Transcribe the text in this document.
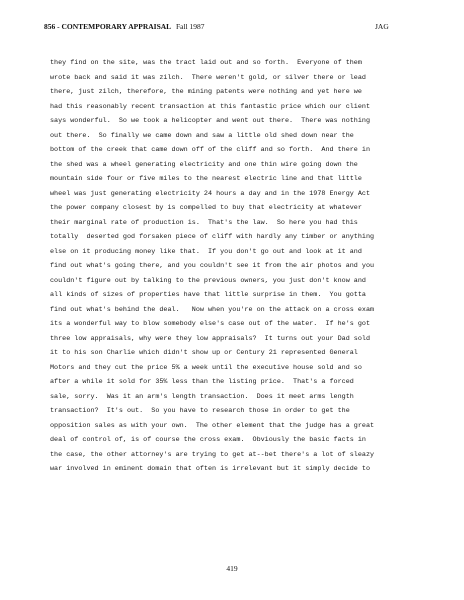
856 - CONTEMPORARY APPRAISAL Fall 1987	JAG
they find on the site, was the tract laid out and so forth.  Everyone of them
wrote back and said it was zilch.  There weren't gold, or silver there or lead
there, just zilch, therefore, the mining patents were nothing and yet here we
had this reasonably recent transaction at this fantastic price which our client
says wonderful.  So we took a helicopter and went out there.  There was nothing
out there.  So finally we came down and saw a little old shed down near the
bottom of the creek that came down off of the cliff and so forth.  And there in
the shed was a wheel generating electricity and one thin wire going down the
mountain side four or five miles to the nearest electric line and that little
wheel was just generating electricity 24 hours a day and in the 1978 Energy Act
the power company closest by is compelled to buy that electricity at whatever
their marginal rate of production is.  That's the law.  So here you had this
totally  deserted god forsaken piece of cliff with hardly any timber or anything
else on it producing money like that.  If you don't go out and look at it and
find out what's going there, and you couldn't see it from the air photos and you
couldn't figure out by talking to the previous owners, you just don't know and
all kinds of sizes of properties have that little surprise in them.  You gotta
find out what's behind the deal.   Now when you're on the attack on a cross exam
its a wonderful way to blow somebody else's case out of the water.  If he's got
three low appraisals, why were they low appraisals?  It turns out your Dad sold
it to his son Charlie which didn't show up or Century 21 represented General
Motors and they cut the price 5% a week until the executive house sold and so
after a while it sold for 35% less than the listing price.  That's a forced
sale, sorry.  Was it an arm's length transaction.  Does it meet arms length
transaction?  It's out.  So you have to research those in order to get the
opposition sales as with your own.  The other element that the judge has a great
deal of control of, is of course the cross exam.  Obviously the basic facts in
the case, the other attorney's are trying to get at--bet there's a lot of sleazy
war involved in eminent domain that often is irrelevant but it simply decide to
419
